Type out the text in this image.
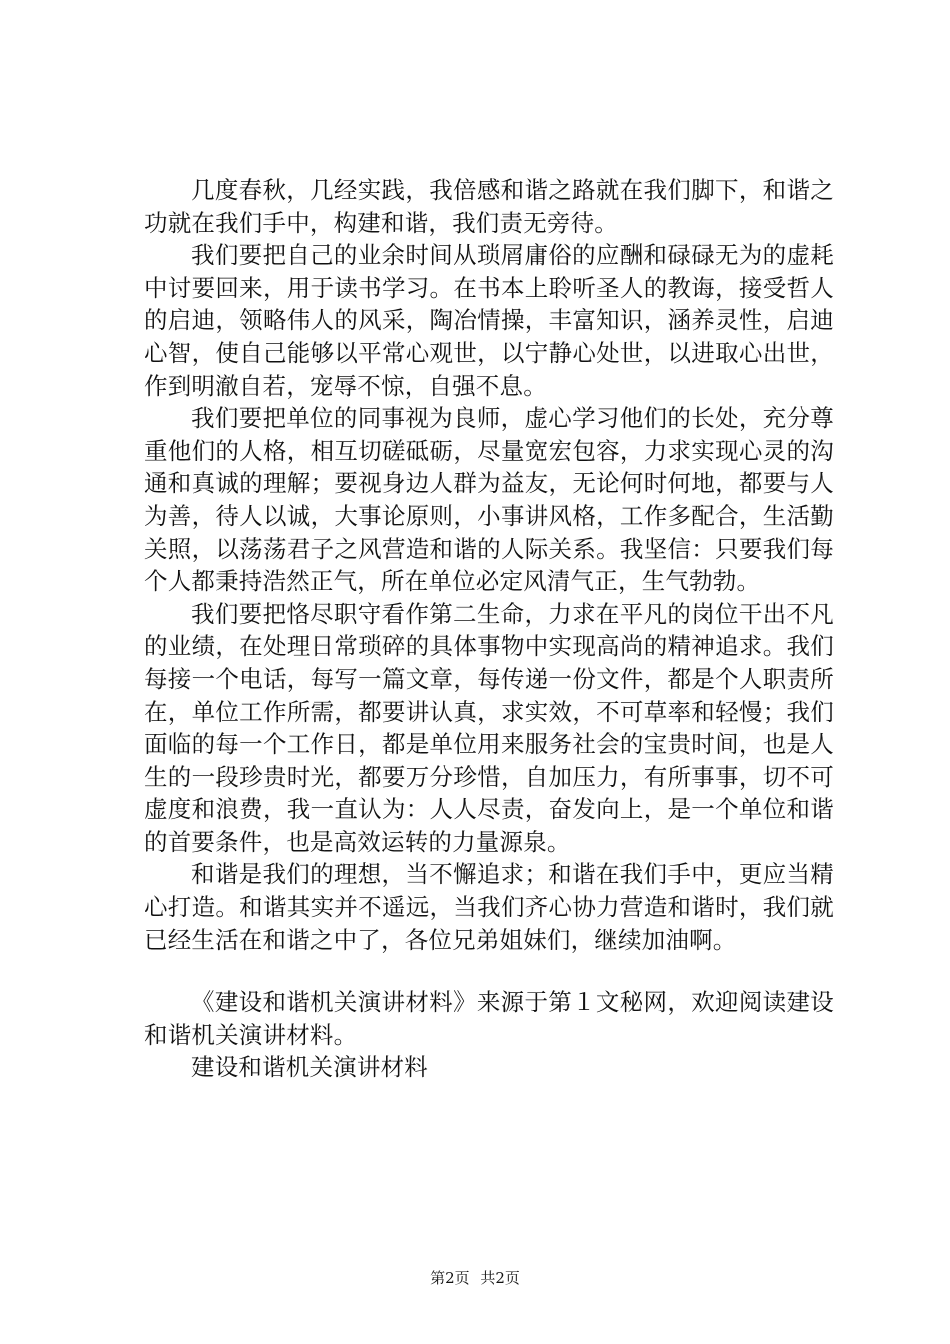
几度春秋，几经实践，我倍感和谐之路就在我们脚下，和谐之功就在我们手中，构建和谐，我们责无旁待。

我们要把自己的业余时间从琐屑庸俗的应酬和碌碌无为的虚耗中讨要回来，用于读书学习。在书本上聆听圣人的教诲，接受哲人的启迪，领略伟人的风采，陶冶情操，丰富知识，涵养灵性，启迪心智，使自己能够以平常心观世，以宁静心处世，以进取心出世，作到明澈自若，宠辱不惊，自强不息。

我们要把单位的同事视为良师，虚心学习他们的长处，充分尊重他们的人格，相互切磋砥砺，尽量宽宏包容，力求实现心灵的沟通和真诚的理解；要视身边人群为益友，无论何时何地，都要与人为善，待人以诚，大事论原则，小事讲风格，工作多配合，生活勤关照，以荡荡君子之风营造和谐的人际关系。我坚信：只要我们每个人都秉持浩然正气，所在单位必定风清气正，生气勃勃。

我们要把恪尽职守看作第二生命，力求在平凡的岗位干出不凡的业绩，在处理日常琐碎的具体事物中实现高尚的精神追求。我们每接一个电话，每写一篇文章，每传递一份文件，都是个人职责所在，单位工作所需，都要讲认真，求实效，不可草率和轻慢；我们面临的每一个工作日，都是单位用来服务社会的宝贵时间，也是人生的一段珍贵时光，都要万分珍惜，自加压力，有所事事，切不可虚度和浪费，我一直认为：人人尽责，奋发向上，是一个单位和谐的首要条件，也是高效运转的力量源泉。

和谐是我们的理想，当不懈追求；和谐在我们手中，更应当精心打造。和谐其实并不遥远，当我们齐心协力营造和谐时，我们就已经生活在和谐之中了，各位兄弟姐妹们，继续加油啊。

《建设和谐机关演讲材料》来源于第１文秘网，欢迎阅读建设和谐机关演讲材料。

建设和谐机关演讲材料

第2页 共2页
